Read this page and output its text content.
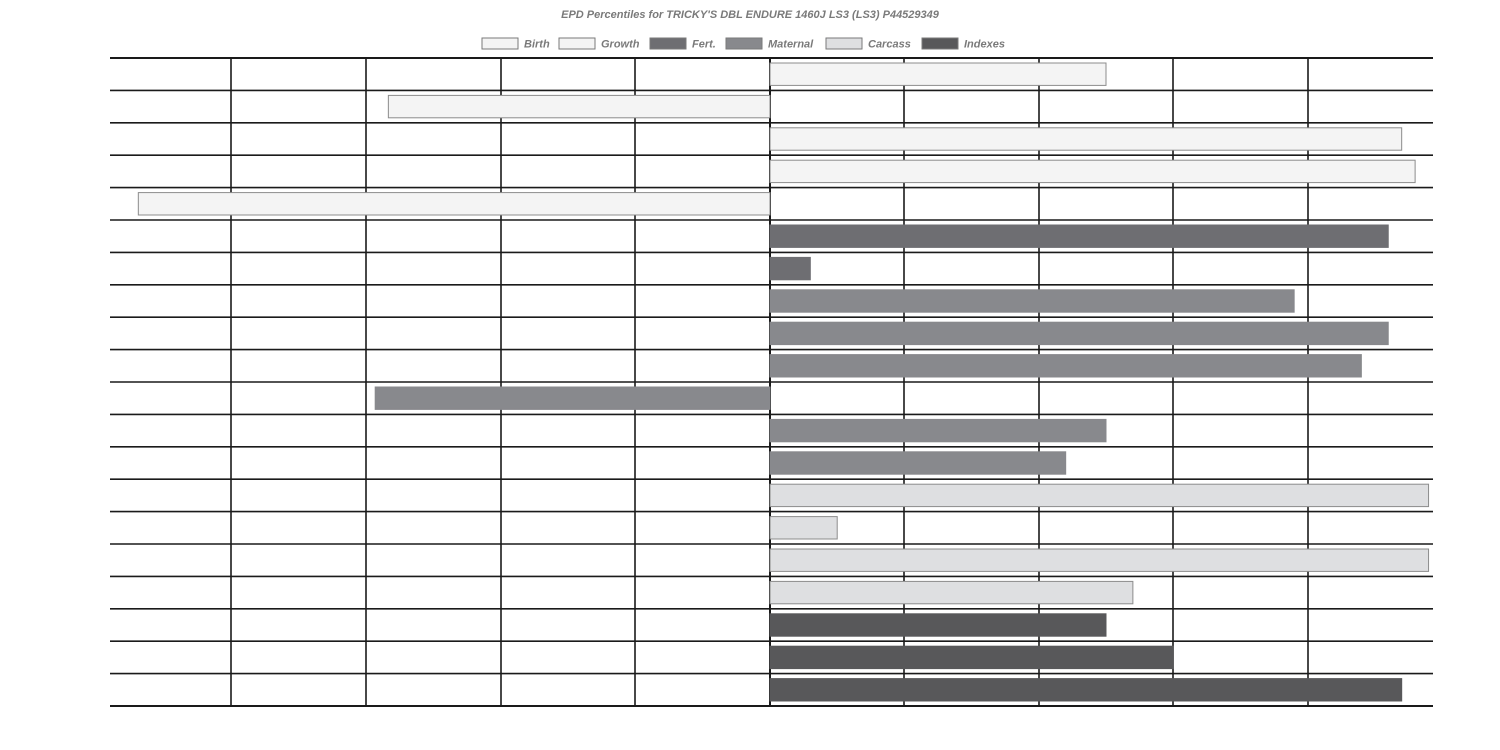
EPD Percentiles for TRICKY'S DBL ENDURE 1460J LS3 (LS3) P44529349
Birth	Growth	Fert.	Maternal	Carcass	Indexes
